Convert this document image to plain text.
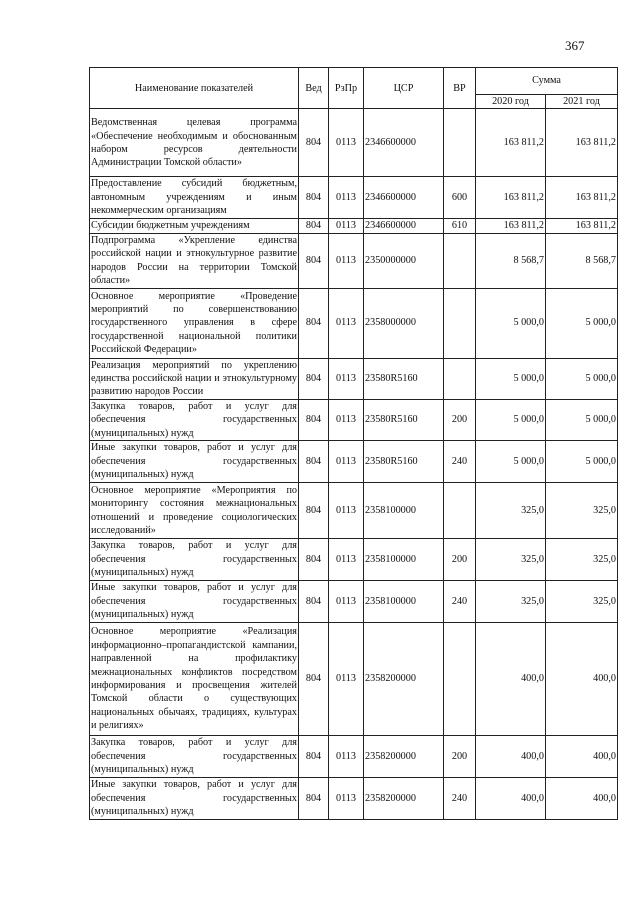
367
Наименование показателей	Вед	РзПр	ЦСР	ВР	Сумма	
					2020 год	2021 год
Ведомственная целевая программа «Обеспечение необходимым и обоснованным набором ресурсов деятельности Администрации Томской области»	804	0113	2346600000		163 811,2	163 811,2
Предоставление субсидий бюджетным, автономным учреждениям и иным некоммерческим организациям	804	0113	2346600000	600	163 811,2	163 811,2
Субсидии бюджетным учреждениям	804	0113	2346600000	610	163 811,2	163 811,2
Подпрограмма «Укрепление единства российской нации и этнокультурное развитие народов России на территории Томской области»	804	0113	2350000000		8 568,7	8 568,7
Основное мероприятие «Проведение мероприятий по совершенствованию государственного управления в сфере государственной национальной политики Российской Федерации»	804	0113	2358000000		5 000,0	5 000,0
Реализация мероприятий по укреплению единства российской нации и этнокультурному развитию народов России	804	0113	23580R5160		5 000,0	5 000,0
Закупка товаров, работ и услуг для обеспечения государственных (муниципальных) нужд	804	0113	23580R5160	200	5 000,0	5 000,0
Иные закупки товаров, работ и услуг для обеспечения государственных (муниципальных) нужд	804	0113	23580R5160	240	5 000,0	5 000,0
Основное мероприятие «Мероприятия по мониторингу состояния межнациональных отношений и проведение социологических исследований»	804	0113	2358100000		325,0	325,0
Закупка товаров, работ и услуг для обеспечения государственных (муниципальных) нужд	804	0113	2358100000	200	325,0	325,0
Иные закупки товаров, работ и услуг для обеспечения государственных (муниципальных) нужд	804	0113	2358100000	240	325,0	325,0
Основное мероприятие «Реализация информационно–пропагандистской кампании, направленной на профилактику межнациональных конфликтов посредством информирования и просвещения жителей Томской области о существующих национальных обычаях, традициях, культурах и религиях»	804	0113	2358200000		400,0	400,0
Закупка товаров, работ и услуг для обеспечения государственных (муниципальных) нужд	804	0113	2358200000	200	400,0	400,0
Иные закупки товаров, работ и услуг для обеспечения государственных (муниципальных) нужд	804	0113	2358200000	240	400,0	400,0
